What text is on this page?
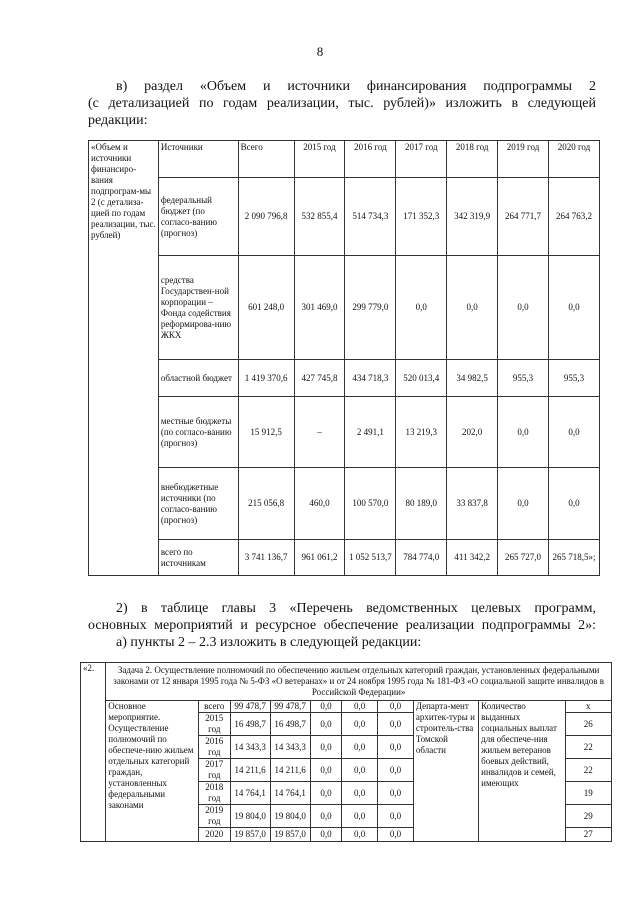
8
в) раздел «Объем и источники финансирования подпрограммы 2
(с детализацией по годам реализации, тыс. рублей)» изложить в следующей
редакции:
«Объем и источники финансиро-вания подпрограм-мы 2 (с детализа-цией по годам реализации, тыс. рублей)	Источники	Всего	2015 год	2016 год	2017 год	2018 год	2019 год	2020 год
	федеральный бюджет (по согласо-ванию (прогноз)	2 090 796,8	532 855,4	514 734,3	171 352,3	342 319,9	264 771,7	264 763,2
	средства Государствен-ной корпорации – Фонда содействия реформирова-нию ЖКХ	601 248,0	301 469,0	299 779,0	0,0	0,0	0,0	0,0
	областной бюджет	1 419 370,6	427 745,8	434 718,3	520 013,4	34 982,5	955,3	955,3
	местные бюджеты (по согласо-ванию (прогноз)	15 912,5	–	2 491,1	13 219,3	202,0	0,0	0,0
	внебюджетные источники (по согласо-ванию (прогноз)	215 056,8	460,0	100 570,0	80 189,0	33 837,8	0,0	0,0
	всего по источникам	3 741 136,7	961 061,2	1 052 513,7	784 774,0	411 342,2	265 727,0	265 718,5»;
2) в таблице главы 3 «Перечень ведомственных целевых программ,
основных мероприятий и ресурсное обеспечение реализации подпрограммы 2»:
а) пункты 2 – 2.3 изложить в следующей редакции:
«2.	Задача 2. Осуществление полномочий по обеспечению жильем отдельных категорий граждан, установленных федеральными законами от 12 января 1995 года № 5-ФЗ «О ветеранах» и от 24 ноября 1995 года № 181-ФЗ «О социальной защите инвалидов в Российской Федерации»									
	Основное мероприятие. Осуществление полномочий по обеспече-нию жильем отдельных категорий граждан, установленных федеральными законами	всего	99 478,7	99 478,7	0,0	0,0	0,0	Департа-мент архитек-туры и строитель-ства Томской области	Количество выданных социальных выплат для обеспече-ния жильем ветеранов боевых действий, инвалидов и семей, имеющих	х
		2015 год	16 498,7	16 498,7	0,0	0,0	0,0			26
		2016 год	14 343,3	14 343,3	0,0	0,0	0,0			22
		2017 год	14 211,6	14 211,6	0,0	0,0	0,0			22
		2018 год	14 764,1	14 764,1	0,0	0,0	0,0			19
		2019 год	19 804,0	19 804,0	0,0	0,0	0,0			29
		2020	19 857,0	19 857,0	0,0	0,0	0,0			27
